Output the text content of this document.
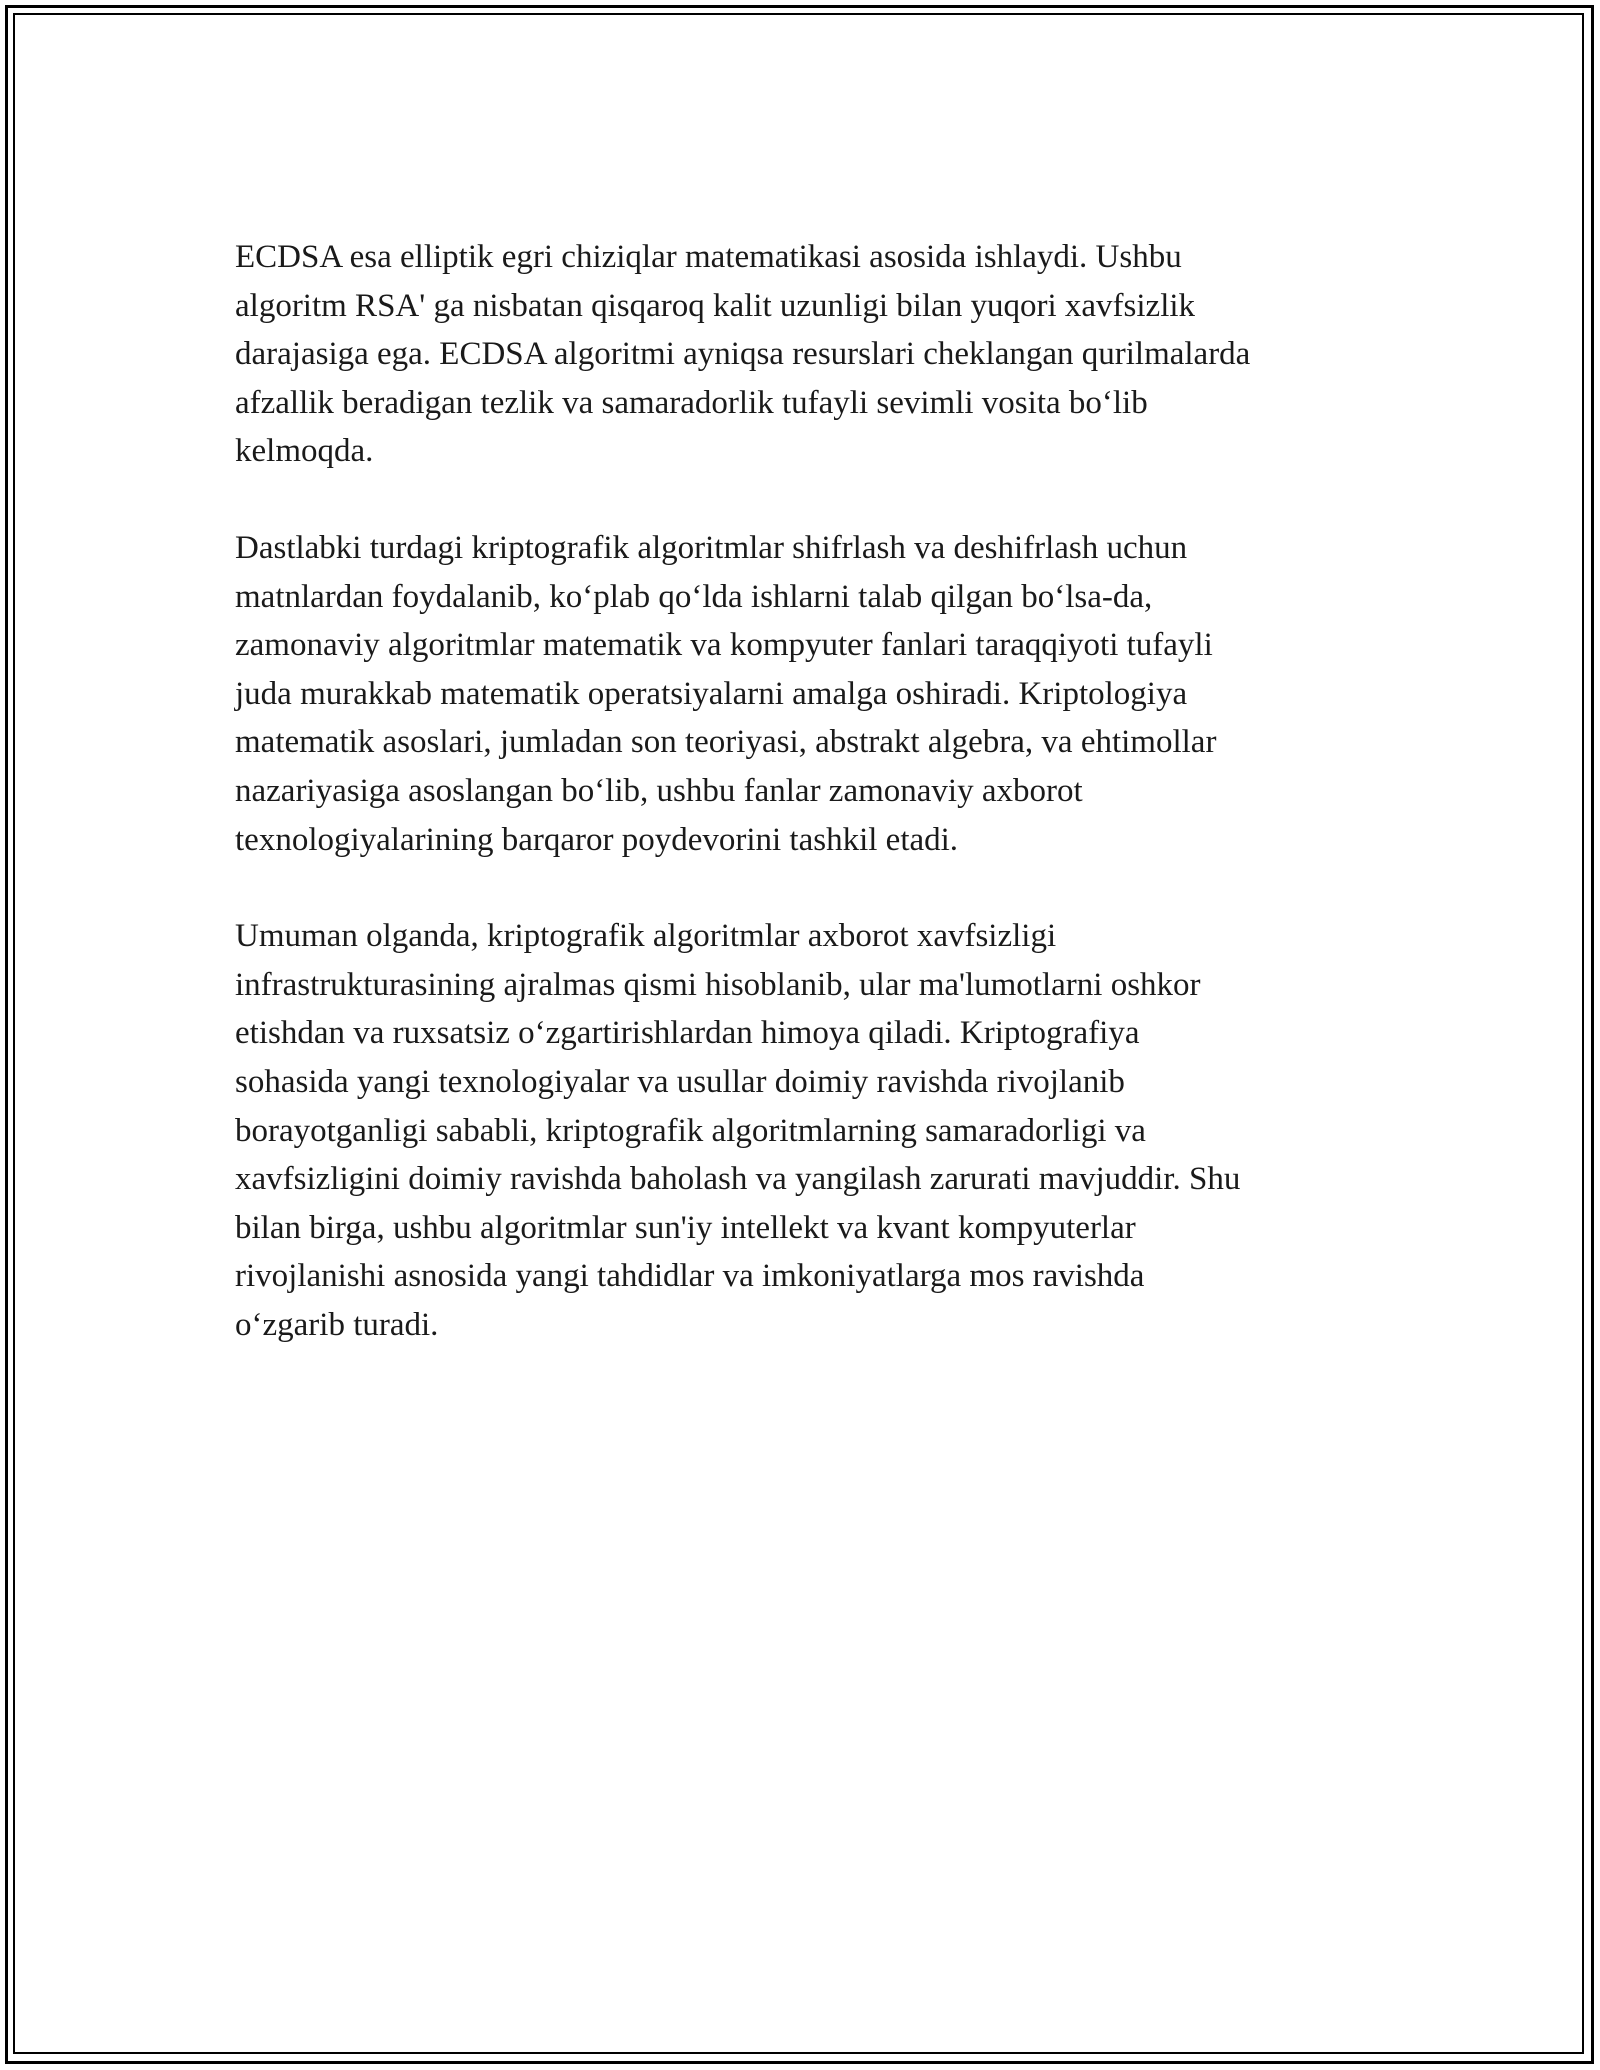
ECDSA esa elliptik egri chiziqlar matematikasi asosida ishlaydi. Ushbu
algoritm RSA' ga nisbatan qisqaroq kalit uzunligi bilan yuqori xavfsizlik
darajasiga ega. ECDSA algoritmi ayniqsa resurslari cheklangan qurilmalarda
afzallik beradigan tezlik va samaradorlik tufayli sevimli vosita bo‘lib
kelmoqda.

Dastlabki turdagi kriptografik algoritmlar shifrlash va deshifrlash uchun
matnlardan foydalanib, ko‘plab qo‘lda ishlarni talab qilgan bo‘lsa-da,
zamonaviy algoritmlar matematik va kompyuter fanlari taraqqiyoti tufayli
juda murakkab matematik operatsiyalarni amalga oshiradi. Kriptologiya
matematik asoslari, jumladan son teoriyasi, abstrakt algebra, va ehtimollar
nazariyasiga asoslangan bo‘lib, ushbu fanlar zamonaviy axborot
texnologiyalarining barqaror poydevorini tashkil etadi.

Umuman olganda, kriptografik algoritmlar axborot xavfsizligi
infrastrukturasining ajralmas qismi hisoblanib, ular ma'lumotlarni oshkor
etishdan va ruxsatsiz o‘zgartirishlardan himoya qiladi. Kriptografiya
sohasida yangi texnologiyalar va usullar doimiy ravishda rivojlanib
borayotganligi sababli, kriptografik algoritmlarning samaradorligi va
xavfsizligini doimiy ravishda baholash va yangilash zarurati mavjuddir. Shu
bilan birga, ushbu algoritmlar sun'iy intellekt va kvant kompyuterlar
rivojlanishi asnosida yangi tahdidlar va imkoniyatlarga mos ravishda
o‘zgarib turadi.
